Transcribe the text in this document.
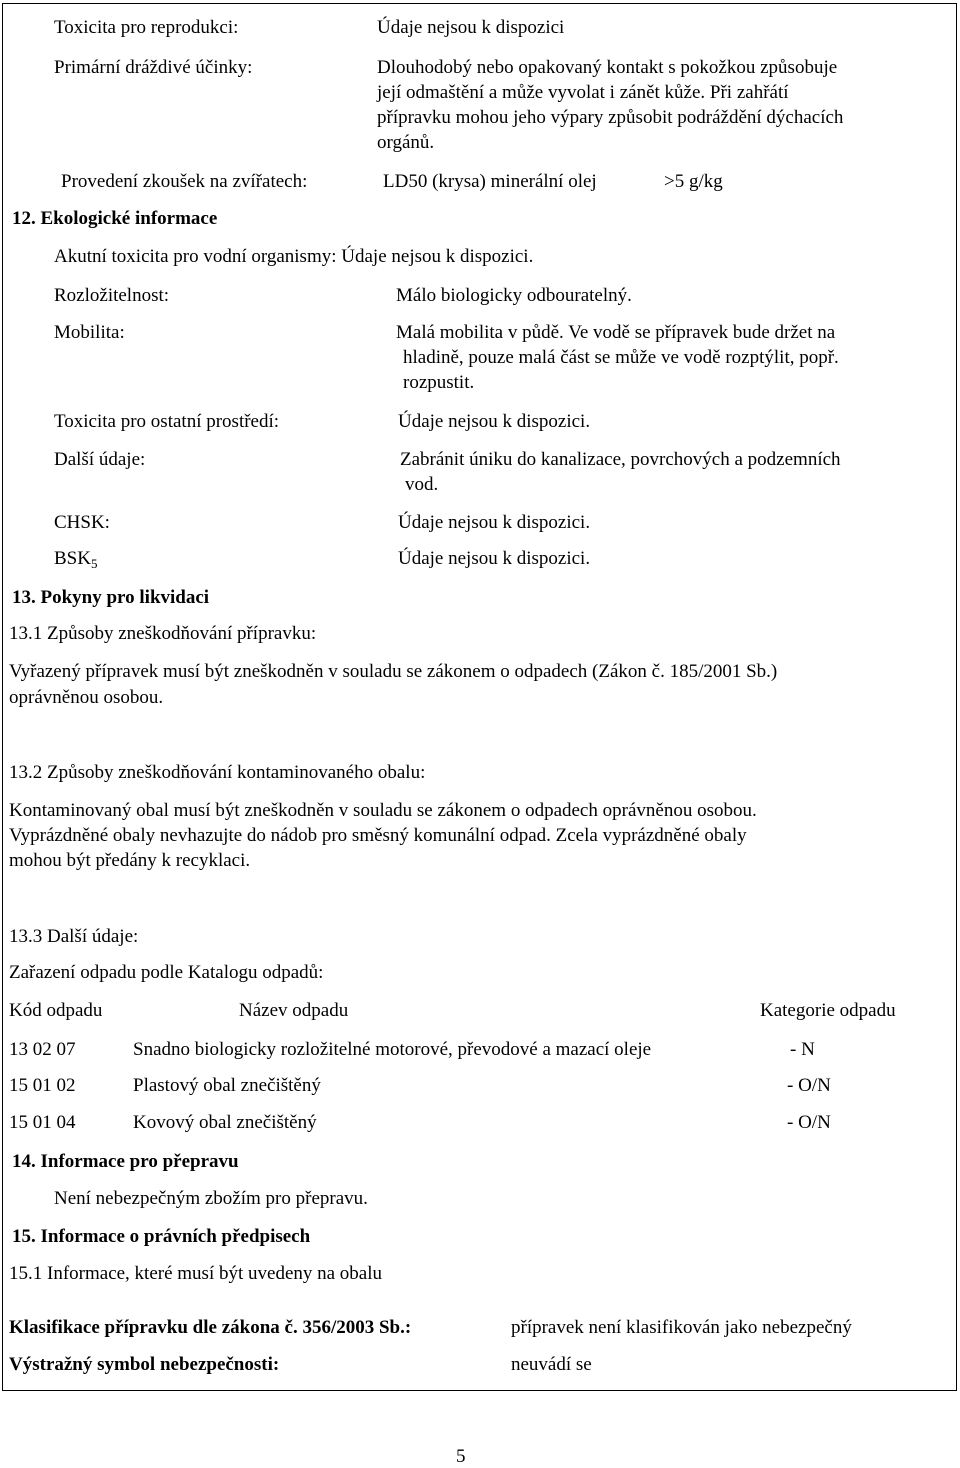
Toxicita pro reprodukci:	Údaje nejsou k dispozici
Primární dráždivé účinky:	Dlouhodobý nebo opakovaný kontakt s pokožkou způsobuje
její odmaštění a může vyvolat i zánět kůže. Při zahřátí
přípravku mohou jeho výpary způsobit podráždění dýchacích
orgánů.
Provedení zkoušek na zvířatech:	LD50 (krysa) minerální olej	>5 g/kg
12. Ekologické informace
Akutní toxicita pro vodní organismy: Údaje nejsou k dispozici.
Rozložitelnost:	Málo biologicky odbouratelný.
Mobilita:	Malá mobilita v půdě. Ve vodě se přípravek bude držet na
hladině, pouze malá část se může ve vodě rozptýlit, popř.
rozpustit.
Toxicita pro ostatní prostředí:	Údaje nejsou k dispozici.
Další údaje:	Zabránit úniku do kanalizace, povrchových a podzemních
vod.
CHSK:	Údaje nejsou k dispozici.
$BSK_5$	Údaje nejsou k dispozici.
13. Pokyny pro likvidaci
13.1 Způsoby zneškodňování přípravku:
Vyřazený přípravek musí být zneškodněn v souladu se zákonem o odpadech (Zákon č. 185/2001 Sb.)
oprávněnou osobou.
13.2 Způsoby zneškodňování kontaminovaného obalu:
Kontaminovaný obal musí být zneškodněn v souladu se zákonem o odpadech oprávněnou osobou.
Vyprázdněné obaly nevhazujte do nádob pro směsný komunální odpad. Zcela vyprázdněné obaly
mohou být předány k recyklaci.
13.3 Další údaje:
Zařazení odpadu podle Katalogu odpadů:
Kód odpadu	Název odpadu	Kategorie odpadu
13 02 07	Snadno biologicky rozložitelné motorové, převodové a mazací oleje	- N
15 01 02	Plastový obal znečištěný	- O/N
15 01 04	Kovový obal znečištěný	- O/N
14. Informace pro přepravu
Není nebezpečným zbožím pro přepravu.
15. Informace o právních předpisech
15.1 Informace, které musí být uvedeny na obalu
Klasifikace přípravku dle zákona č. 356/2003 Sb.:	přípravek není klasifikován jako nebezpečný
Výstražný symbol nebezpečnosti:	neuvádí se
5
